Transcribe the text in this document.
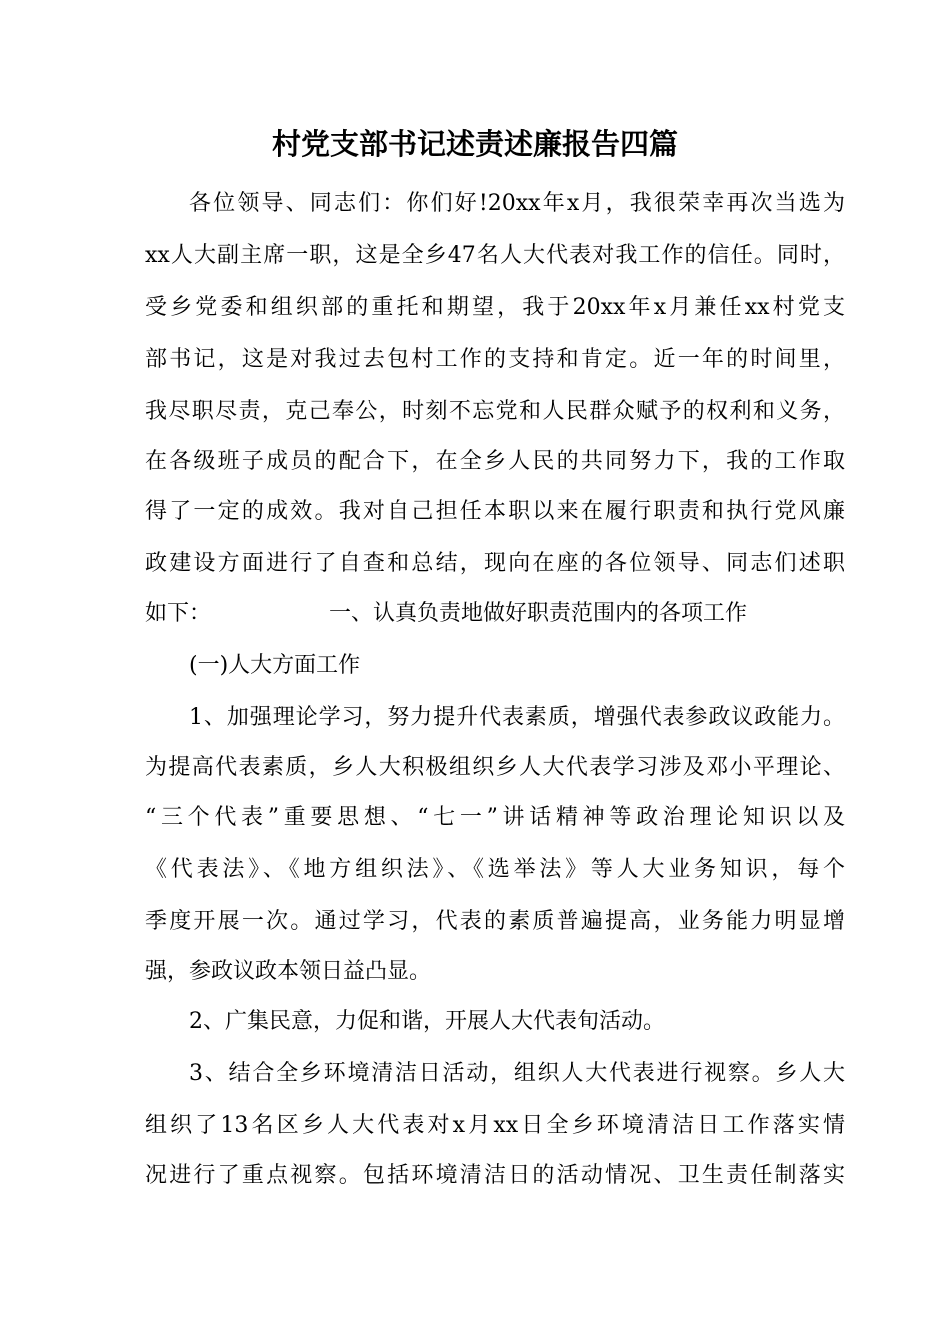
村党支部书记述责述廉报告四篇
各位领导、同志们：你们好!20xx年x月，我很荣幸再次当选为
xx人大副主席一职，这是全乡47名人大代表对我工作的信任。同时，
受乡党委和组织部的重托和期望，我于20xx年x月兼任xx村党支
部书记，这是对我过去包村工作的支持和肯定。近一年的时间里，
我尽职尽责，克己奉公，时刻不忘党和人民群众赋予的权利和义务，
在各级班子成员的配合下，在全乡人民的共同努力下，我的工作取
得了一定的成效。我对自己担任本职以来在履行职责和执行党风廉
政建设方面进行了自查和总结，现向在座的各位领导、同志们述职
如下：	一、认真负责地做好职责范围内的各项工作
(一)人大方面工作
1、加强理论学习，努力提升代表素质，增强代表参政议政能力。
为提高代表素质，乡人大积极组织乡人大代表学习涉及邓小平理论、
“三个代表”重要思想、“七一”讲话精神等政治理论知识以及
《代表法》、《地方组织法》、《选举法》等人大业务知识，每个
季度开展一次。通过学习，代表的素质普遍提高，业务能力明显增
强，参政议政本领日益凸显。
2、广集民意，力促和谐，开展人大代表旬活动。
3、结合全乡环境清洁日活动，组织人大代表进行视察。乡人大
组织了13名区乡人大代表对x月xx日全乡环境清洁日工作落实情
况进行了重点视察。包括环境清洁日的活动情况、卫生责任制落实
